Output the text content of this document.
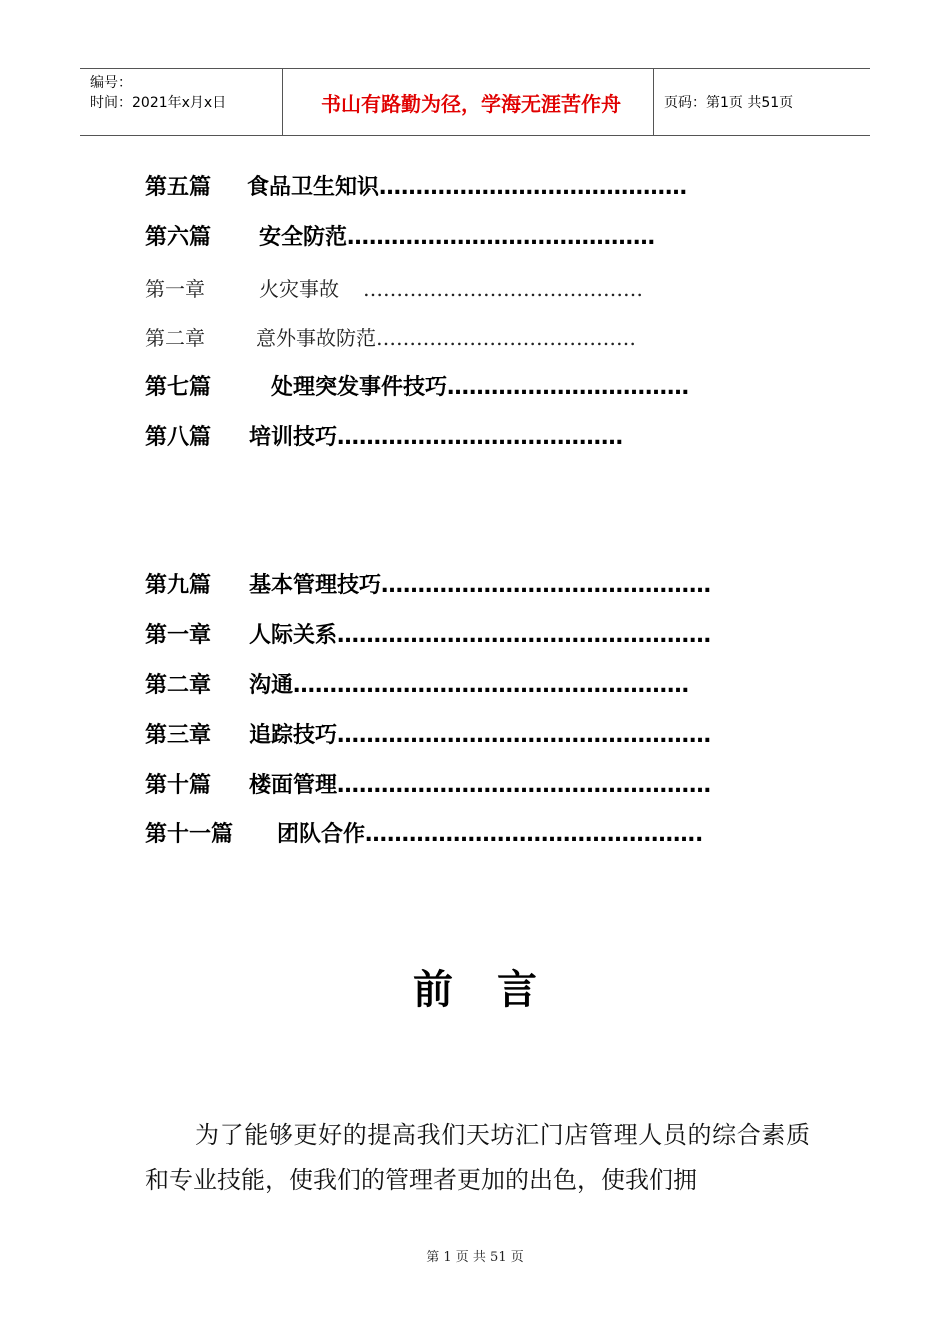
编号：
时间：2021年x月x日	书山有路勤为径，学海无涯苦作舟	页码：第1页 共51页
第五篇 食品卫生知识……………………………………
第六篇 安全防范……………………………………
第一章	火灾事故 ……………………………………
第二章	意外事故防范…………………………………
第七篇	处理突发事件技巧……………………………
第八篇 培训技巧…………………………………
第九篇 基本管理技巧………………………………………
第一章 人际关系……………………………………………
第二章 沟通………………………………………………
第三章 追踪技巧……………………………………………
第十篇 楼面管理……………………………………………
第十一篇 团队合作……………………………………….
前言
为了能够更好的提高我们天坊汇门店管理人员的综合素质和专业技能，使我们的管理者更加的出色，使我们拥
第 1 页 共 51 页
